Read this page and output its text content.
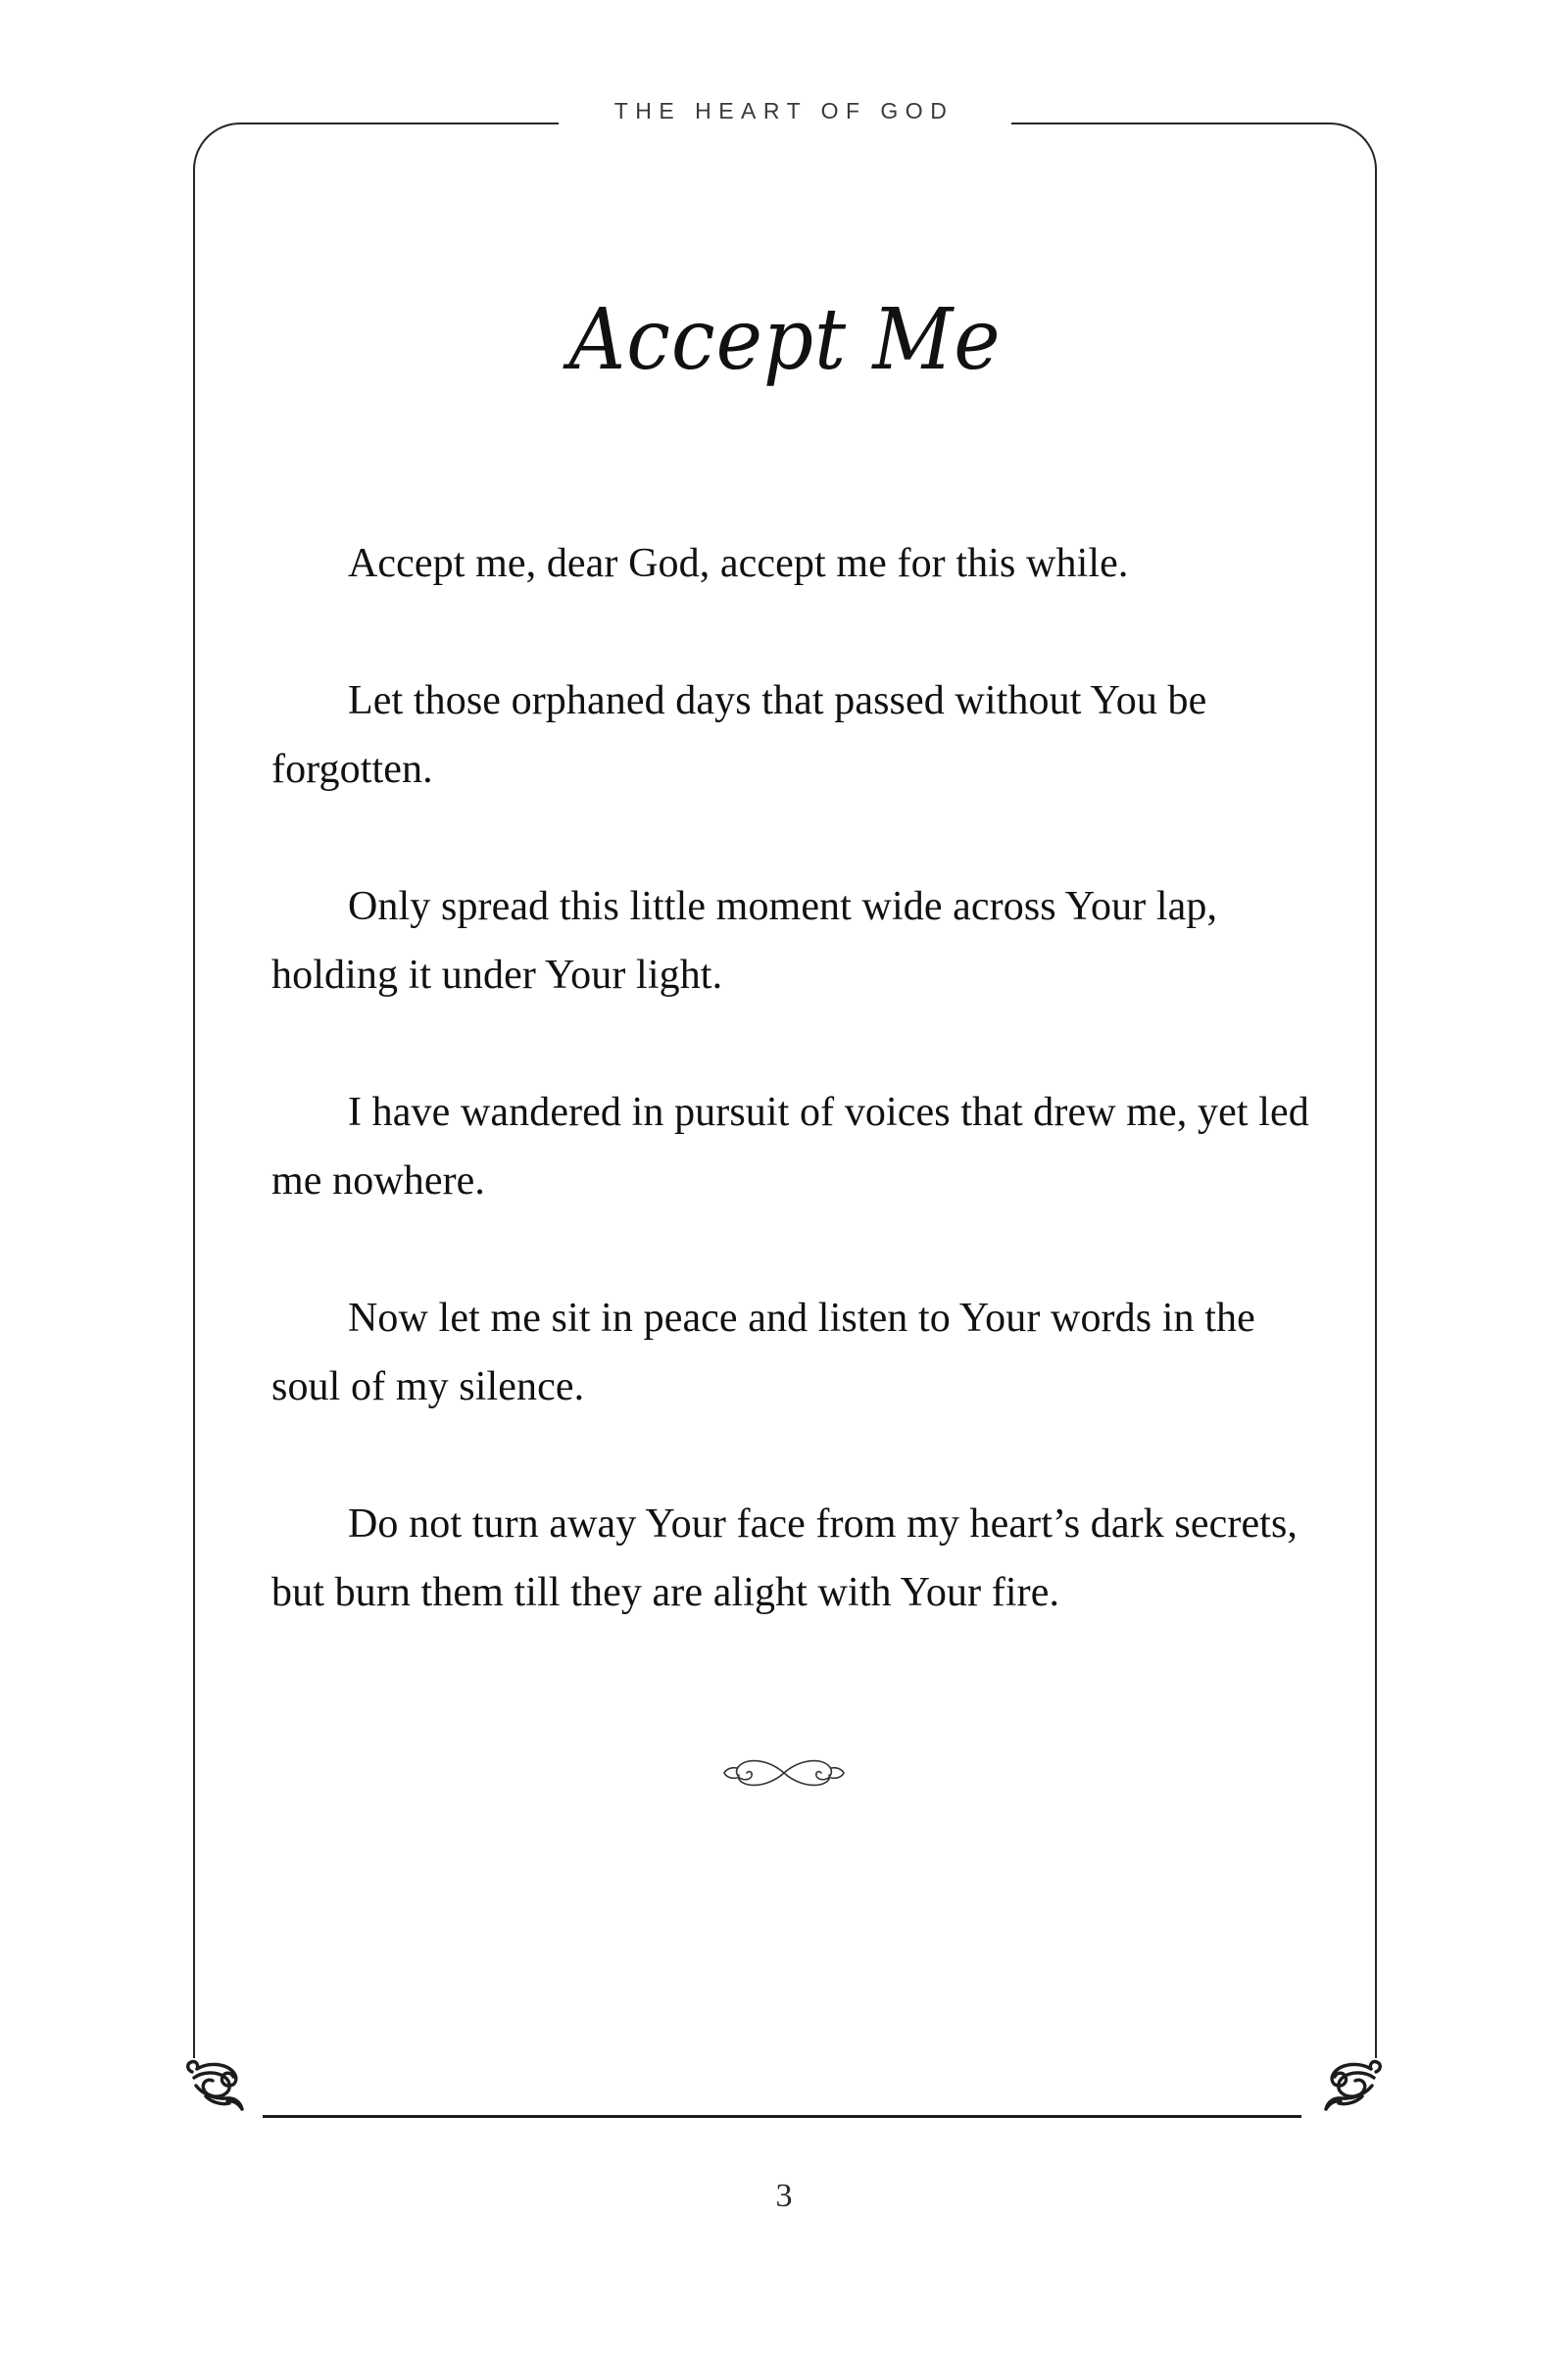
THE HEART OF GOD
Accept Me

Accept me, dear God, accept me for this while.

Let those orphaned days that passed without You be forgotten.

Only spread this little moment wide across Your lap, holding it under Your light.

I have wandered in pursuit of voices that drew me, yet led me nowhere.

Now let me sit in peace and listen to Your words in the soul of my silence.

Do not turn away Your face from my heart’s dark secrets, but burn them till they are alight with Your fire.

3
